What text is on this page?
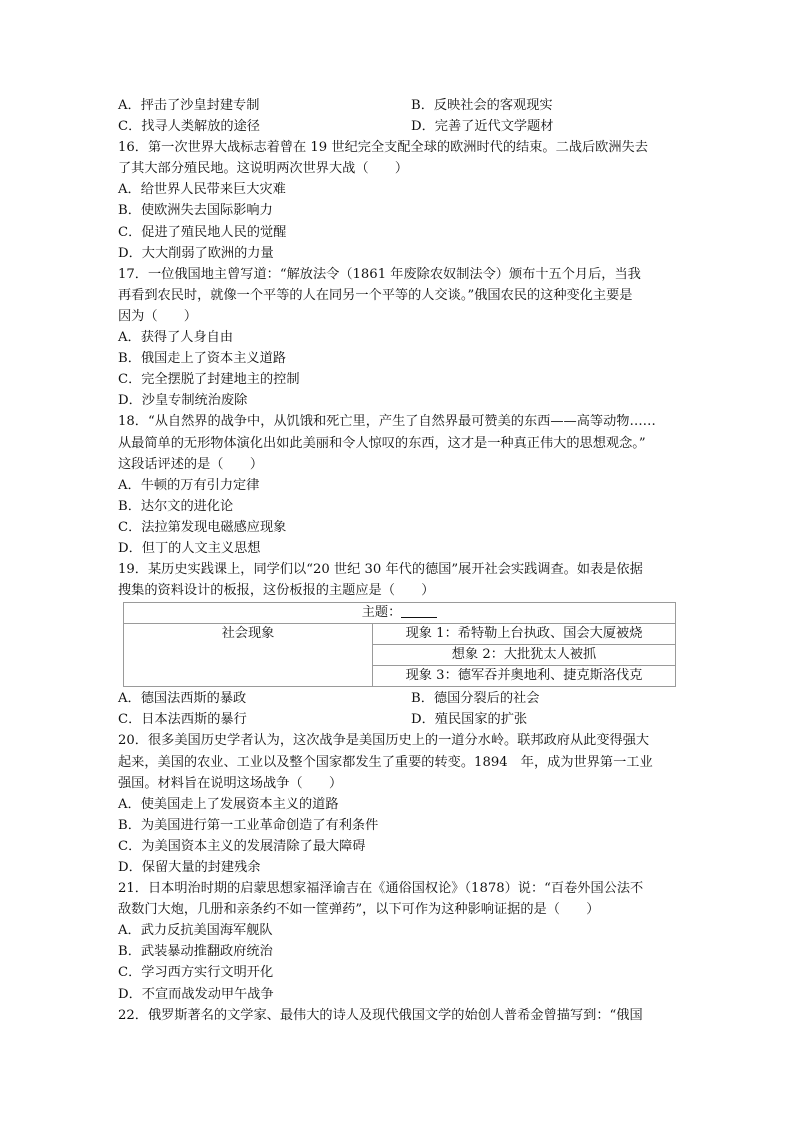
A．抨击了沙皇封建专制	B．反映社会的客观现实
C．找寻人类解放的途径	D．完善了近代文学题材
16．第一次世界大战标志着曾在 19 世纪完全支配全球的欧洲时代的结束。二战后欧洲失去
了其大部分殖民地。这说明两次世界大战（　　）
A．给世界人民带来巨大灾难
B．使欧洲失去国际影响力
C．促进了殖民地人民的觉醒
D．大大削弱了欧洲的力量
17．一位俄国地主曾写道：“解放法令（1861 年废除农奴制法令）颁布十五个月后，当我
再看到农民时，就像一个平等的人在同另一个平等的人交谈。”俄国农民的这种变化主要是
因为（　　）
A．获得了人身自由
B．俄国走上了资本主义道路
C．完全摆脱了封建地主的控制
D．沙皇专制统治废除
18．“从自然界的战争中，从饥饿和死亡里，产生了自然界最可赞美的东西——高等动物……
从最简单的无形物体演化出如此美丽和令人惊叹的东西，这才是一种真正伟大的思想观念。”
这段话评述的是（　　）
A．牛顿的万有引力定律
B．达尔文的进化论
C．法拉第发现电磁感应现象
D．但丁的人文主义思想
19．某历史实践课上，同学们以“20 世纪 30 年代的德国”展开社会实践调查。如表是依据
搜集的资料设计的板报，这份板报的主题应是（　　）
主题：
社会现象	现象 1：希特勒上台执政、国会大厦被烧
想象 2：大批犹太人被抓
现象 3：德军吞并奥地利、捷克斯洛伐克
A．德国法西斯的暴政	B．德国分裂后的社会
C．日本法西斯的暴行	D．殖民国家的扩张
20．很多美国历史学者认为，这次战争是美国历史上的一道分水岭。联邦政府从此变得强大
起来，美国的农业、工业以及整个国家都发生了重要的转变。1894　年，成为世界第一工业
强国。材料旨在说明这场战争（　　）
A．使美国走上了发展资本主义的道路
B．为美国进行第一工业革命创造了有利条件
C．为美国资本主义的发展清除了最大障碍
D．保留大量的封建残余
21．日本明治时期的启蒙思想家福泽谕吉在《通俗国权论》（1878）说：“百卷外国公法不
敌数门大炮，几册和亲条约不如一筐弹药”，以下可作为这种影响证据的是（　　）
A．武力反抗美国海军舰队
B．武装暴动推翻政府统治
C．学习西方实行文明开化
D．不宣而战发动甲午战争
22．俄罗斯著名的文学家、最伟大的诗人及现代俄国文学的始创人普希金曾描写到：“俄国
